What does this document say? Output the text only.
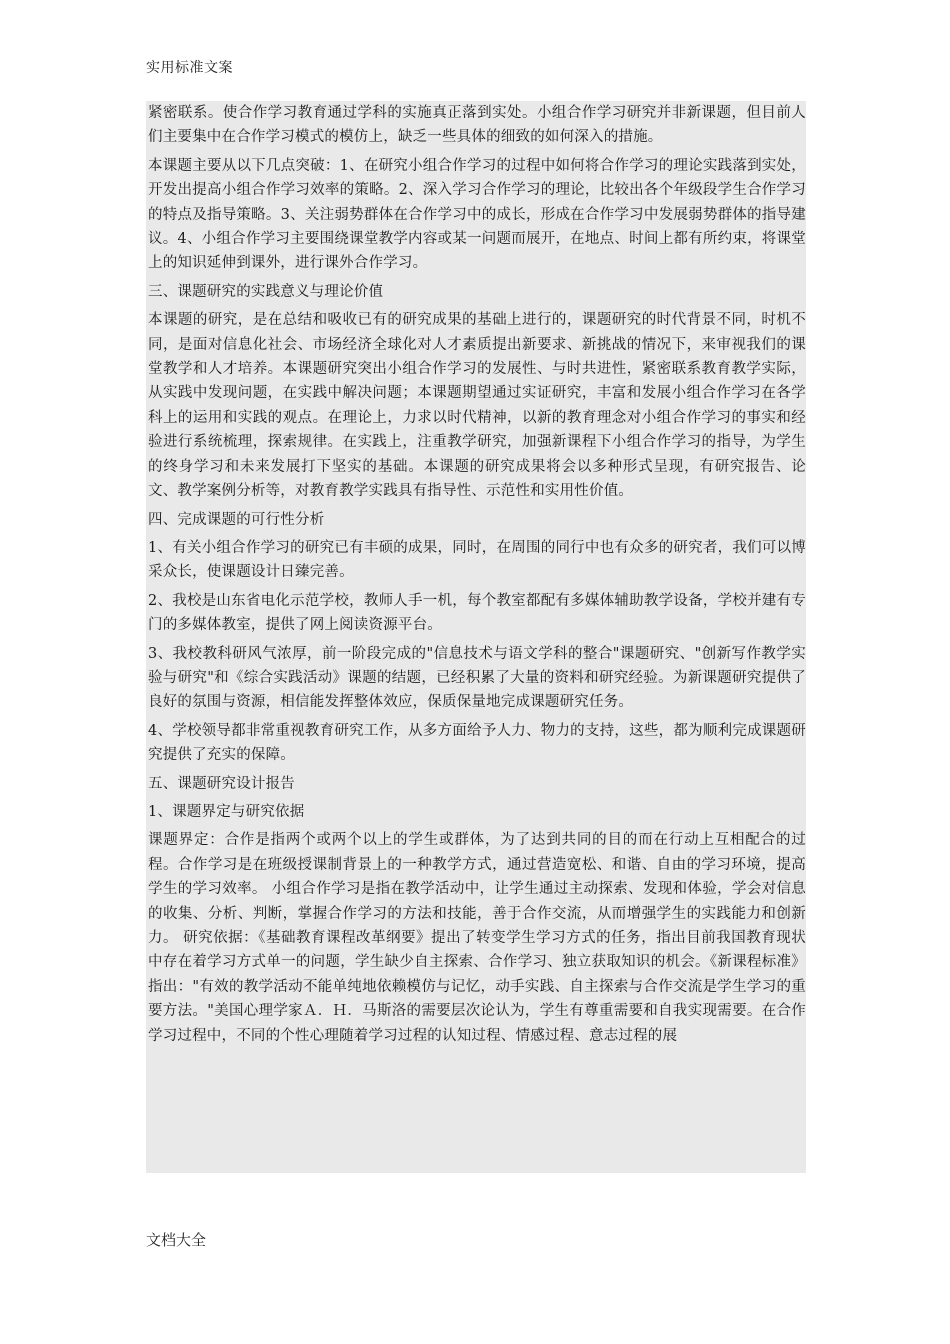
实用标准文案

紧密联系。使合作学习教育通过学科的实施真正落到实处。小组合作学习研究并非新课题，但目前人们主要集中在合作学习模式的模仿上，缺乏一些具体的细致的如何深入的措施。

本课题主要从以下几点突破：1、在研究小组合作学习的过程中如何将合作学习的理论实践落到实处，开发出提高小组合作学习效率的策略。2、深入学习合作学习的理论，比较出各个年级段学生合作学习的特点及指导策略。3、关注弱势群体在合作学习中的成长，形成在合作学习中发展弱势群体的指导建议。4、小组合作学习主要围绕课堂教学内容或某一问题而展开，在地点、时间上都有所约束，将课堂上的知识延伸到课外，进行课外合作学习。

三、课题研究的实践意义与理论价值

本课题的研究，是在总结和吸收已有的研究成果的基础上进行的，课题研究的时代背景不同，时机不同，是面对信息化社会、市场经济全球化对人才素质提出新要求、新挑战的情况下，来审视我们的课堂教学和人才培养。本课题研究突出小组合作学习的发展性、与时共进性，紧密联系教育教学实际，从实践中发现问题，在实践中解决问题；本课题期望通过实证研究，丰富和发展小组合作学习在各学科上的运用和实践的观点。在理论上，力求以时代精神，以新的教育理念对小组合作学习的事实和经验进行系统梳理，探索规律。在实践上，注重教学研究，加强新课程下小组合作学习的指导，为学生的终身学习和未来发展打下坚实的基础。本课题的研究成果将会以多种形式呈现，有研究报告、论文、教学案例分析等，对教育教学实践具有指导性、示范性和实用性价值。

四、完成课题的可行性分析

1、有关小组合作学习的研究已有丰硕的成果，同时，在周围的同行中也有众多的研究者，我们可以博采众长，使课题设计日臻完善。

2、我校是山东省电化示范学校，教师人手一机，每个教室都配有多媒体辅助教学设备，学校并建有专门的多媒体教室，提供了网上阅读资源平台。

3、我校教科研风气浓厚，前一阶段完成的"信息技术与语文学科的整合"课题研究、"创新写作教学实验与研究"和《综合实践活动》课题的结题，已经积累了大量的资料和研究经验。为新课题研究提供了良好的氛围与资源，相信能发挥整体效应，保质保量地完成课题研究任务。

4、学校领导都非常重视教育研究工作，从多方面给予人力、物力的支持，这些，都为顺利完成课题研究提供了充实的保障。

五、课题研究设计报告

1、课题界定与研究依据

课题界定：合作是指两个或两个以上的学生或群体，为了达到共同的目的而在行动上互相配合的过程。合作学习是在班级授课制背景上的一种教学方式，通过营造宽松、和谐、自由的学习环境，提高学生的学习效率。 小组合作学习是指在教学活动中，让学生通过主动探索、发现和体验，学会对信息的收集、分析、判断，掌握合作学习的方法和技能，善于合作交流，从而增强学生的实践能力和创新力。 研究依据：《基础教育课程改革纲要》提出了转变学生学习方式的任务，指出目前我国教育现状中存在着学习方式单一的问题，学生缺少自主探索、合作学习、独立获取知识的机会。《新课程标准》指出："有效的教学活动不能单纯地依赖模仿与记忆，动手实践、自主探索与合作交流是学生学习的重要方法。"美国心理学家Ａ．Ｈ．马斯洛的需要层次论认为，学生有尊重需要和自我实现需要。在合作学习过程中，不同的个性心理随着学习过程的认知过程、情感过程、意志过程的展

文档大全
